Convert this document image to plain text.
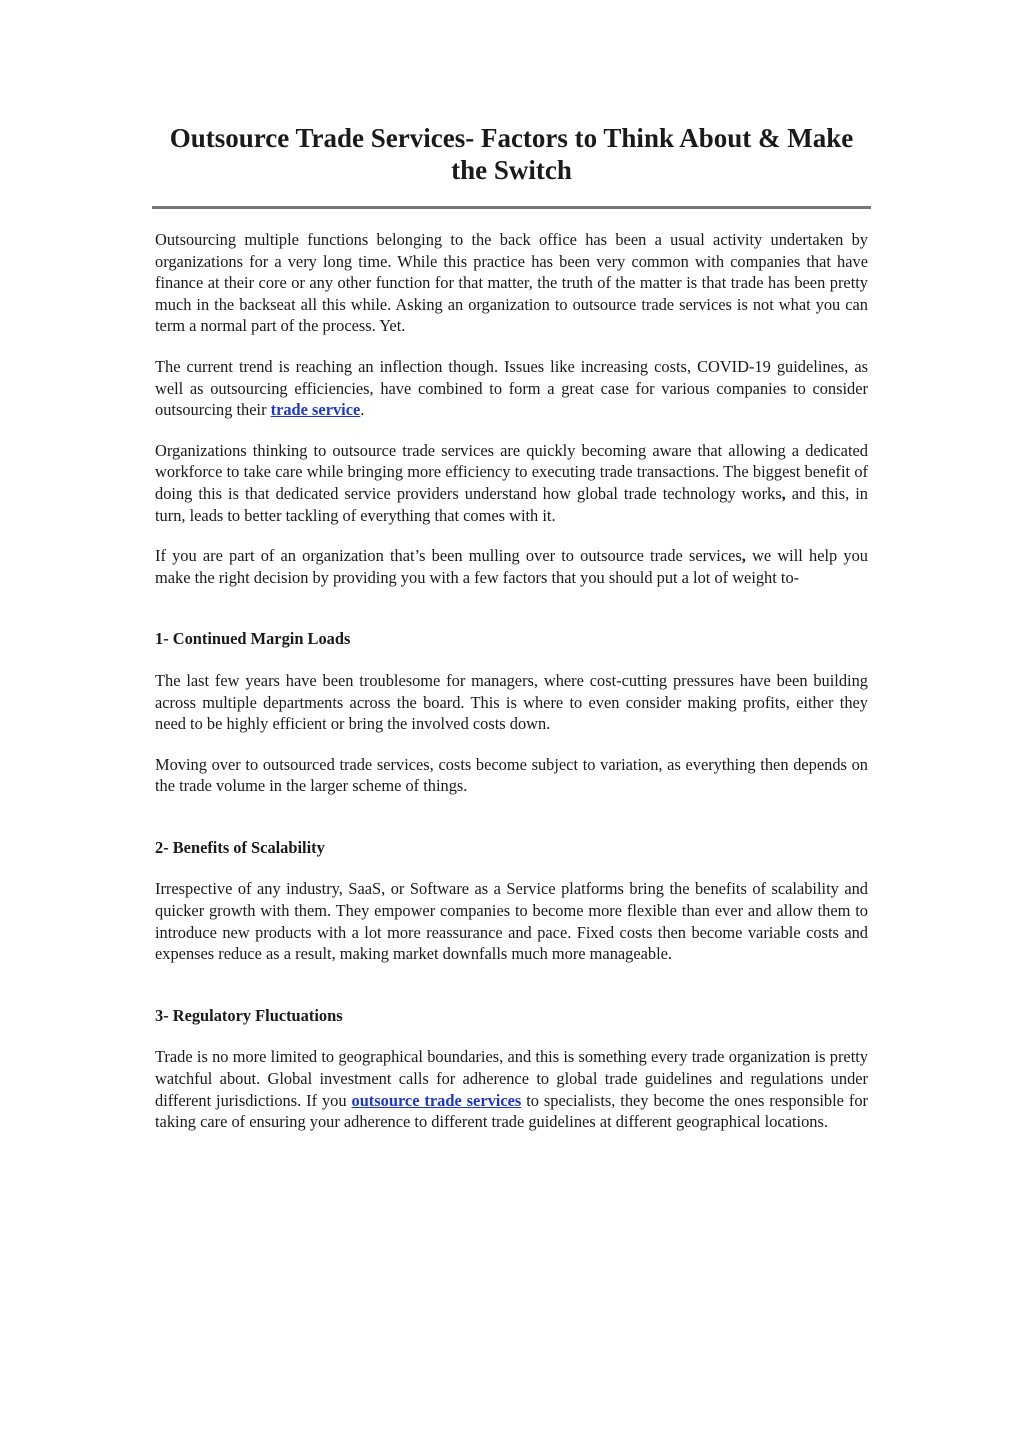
Outsource Trade Services- Factors to Think About & Make the Switch

Outsourcing multiple functions belonging to the back office has been a usual activity undertaken by organizations for a very long time. While this practice has been very common with companies that have finance at their core or any other function for that matter, the truth of the matter is that trade has been pretty much in the backseat all this while. Asking an organization to outsource trade services is not what you can term a normal part of the process. Yet.

The current trend is reaching an inflection though. Issues like increasing costs, COVID-19 guidelines, as well as outsourcing efficiencies, have combined to form a great case for various companies to consider outsourcing their trade service.

Organizations thinking to outsource trade services are quickly becoming aware that allowing a dedicated workforce to take care while bringing more efficiency to executing trade transactions. The biggest benefit of doing this is that dedicated service providers understand how global trade technology works, and this, in turn, leads to better tackling of everything that comes with it.

If you are part of an organization that’s been mulling over to outsource trade services, we will help you make the right decision by providing you with a few factors that you should put a lot of weight to-

1- Continued Margin Loads

The last few years have been troublesome for managers, where cost-cutting pressures have been building across multiple departments across the board. This is where to even consider making profits, either they need to be highly efficient or bring the involved costs down.

Moving over to outsourced trade services, costs become subject to variation, as everything then depends on the trade volume in the larger scheme of things.

2- Benefits of Scalability

Irrespective of any industry, SaaS, or Software as a Service platforms bring the benefits of scalability and quicker growth with them. They empower companies to become more flexible than ever and allow them to introduce new products with a lot more reassurance and pace. Fixed costs then become variable costs and expenses reduce as a result, making market downfalls much more manageable.

3- Regulatory Fluctuations

Trade is no more limited to geographical boundaries, and this is something every trade organization is pretty watchful about. Global investment calls for adherence to global trade guidelines and regulations under different jurisdictions. If you outsource trade services to specialists, they become the ones responsible for taking care of ensuring your adherence to different trade guidelines at different geographical locations.
